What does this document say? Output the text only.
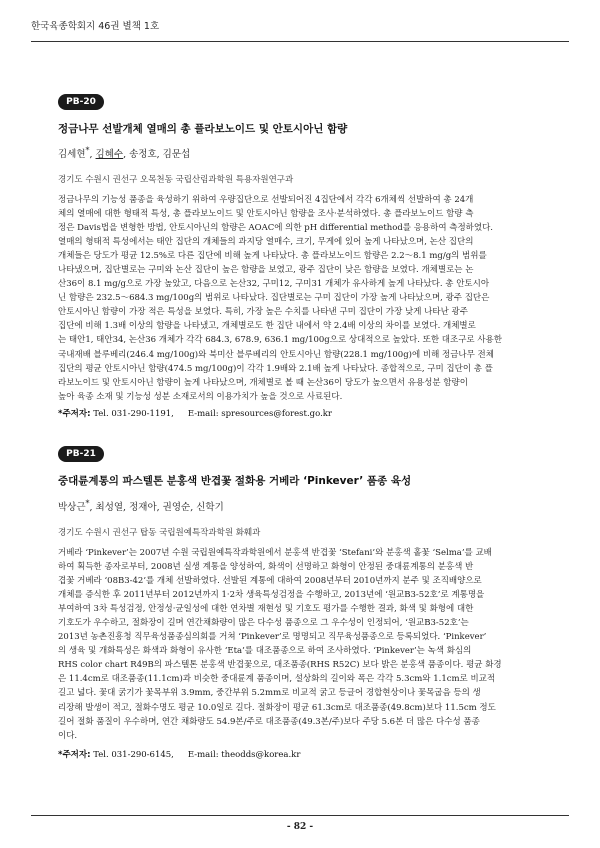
한국육종학회지 46권 별책 1호
PB-20
정금나무 선발개체 열매의 총 플라보노이드 및 안토시아닌 함량
김세현*, 김혜수, 송정호, 김문섭
경기도 수원시 권선구 오목천동 국립산림과학원 특용자원연구과
정금나무의 기능성 품종을 육성하기 위하여 우량집단으로 선발되어진 4집단에서 각각 6개체씩 선발하여 총 24개
체의 열매에 대한 형태적 특성, 총 플라보노이드 및 안토시아닌 함량을 조사·분석하였다. 총 플라보노이드 함량 측
정은 Davis법을 변형한 방법, 안토시아닌의 함량은 AOAC에 의한 pH differential method를 응용하여 측정하였다.
열매의 형태적 특성에서는 태안 집단의 개체들의 과지당 열매수, 크기, 무게에 있어 높게 나타났으며, 논산 집단의
개체들은 당도가 평균 12.5%로 다른 집단에 비해 높게 나타났다. 총 플라보노이드 함량은 2.2～8.1 mg/g의 범위를
나타냈으며, 집단별로는 구미와 논산 집단이 높은 함량을 보였고, 광주 집단이 낮은 함량을 보였다. 개체별로는 논
산36이 8.1 mg/g으로 가장 높았고, 다음으로 논산32, 구미12, 구미31 개체가 유사하게 높게 나타났다. 총 안토시아
닌 함량은 232.5～684.3 mg/100g의 범위로 나타났다. 집단별로는 구미 집단이 가장 높게 나타났으며, 광주 집단은
안토시아닌 함량이 가장 적은 특성을 보였다. 특히, 가장 높은 수치를 나타낸 구미 집단이 가장 낮게 나타난 광주
집단에 비해 1.3배 이상의 함량을 나타냈고, 개체별로도 한 집단 내에서 약 2.4배 이상의 차이를 보였다. 개체별로
는 태안1, 태안34, 논산36 개체가 각각 684.3, 678.9, 636.1 mg/100g으로 상대적으로 높았다. 또한 대조구로 사용한
국내재배 블루베리(246.4 mg/100g)와 북미산 블루베리의 안토시아닌 함량(228.1 mg/100g)에 비해 정금나무 전체
집단의 평균 안토시아닌 함량(474.5 mg/100g)이 각각 1.9배와 2.1배 높게 나타났다. 종합적으로, 구미 집단이 총 플
라보노이드 및 안토시아닌 함량이 높게 나타났으며, 개체별로 볼 때 논산36이 당도가 높으면서 유용성분 함량이
높아 육종 소재 및 기능성 성분 소재로서의 이용가치가 높을 것으로 사료된다.
*주저자: Tel. 031-290-1191, E-mail: spresources@forest.go.kr
PB-21
중대륜계통의 파스텔톤 분홍색 반겹꽃 절화용 거베라 ‘Pinkever’ 품종 육성
박상근*, 최성열, 정재아, 권영순, 신학기
경기도 수원시 권선구 탑동 국립원예특작과학원 화훼과
거베라 ‘Pinkever’는 2007년 수원 국립원예특작과학원에서 분홍색 반겹꽃 ‘Stefani’와 분홍색 홑꽃 ‘Selma’를 교배
하여 획득한 종자로부터, 2008년 실생 계통을 양성하여, 화색이 선명하고 화형이 안정된 중대륜계통의 분홍색 반
겹꽃 거베라 ‘08B3-42’를 개체 선발하였다. 선발된 계통에 대하여 2008년부터 2010년까지 분주 및 조직배양으로
개체를 증식한 후 2011년부터 2012년까지 1·2차 생육특성검정을 수행하고, 2013년에 ‘원교B3-52호’로 계통명을
부여하여 3차 특성검정, 안정성·균일성에 대한 연차별 재현성 및 기호도 평가를 수행한 결과, 화색 및 화형에 대한
기호도가 우수하고, 절화장이 길며 연간채화량이 많은 다수성 품종으로 그 우수성이 인정되어, ‘원교B3-52호’는
2013년 농촌진흥청 직무육성품종심의회를 거쳐 ‘Pinkever’로 명명되고 직무육성품종으로 등록되었다. ‘Pinkever’
의 생육 및 개화특성은 화색과 화형이 유사한 ‘Eta’를 대조품종으로 하여 조사하였다. ‘Pinkever’는 녹색 화심의
RHS color chart R49B의 파스텔톤 분홍색 반겹꽃으로, 대조품종(RHS R52C) 보다 밝은 분홍색 품종이다. 평균 화경
은 11.4cm로 대조품종(11.1cm)과 비슷한 중대륜계 품종이며, 설상화의 길이와 폭은 각각 5.3cm와 1.1cm로 비교적
길고 넓다. 꽃대 굵기가 꽃목부위 3.9mm, 중간부위 5.2mm로 비교적 굵고 등글어 경합현상이나 꽃목굽음 등의 생
리장해 발생이 적고, 절화수명도 평균 10.0일로 길다. 절화장이 평균 61.3cm로 대조품종(49.8cm)보다 11.5cm 정도
길어 절화 품질이 우수하며, 연간 채화량도 54.9본/주로 대조품종(49.3본/주)보다 주당 5.6본 더 많은 다수성 품종
이다.
*주저자: Tel. 031-290-6145, E-mail: theodds@korea.kr
- 82 -
